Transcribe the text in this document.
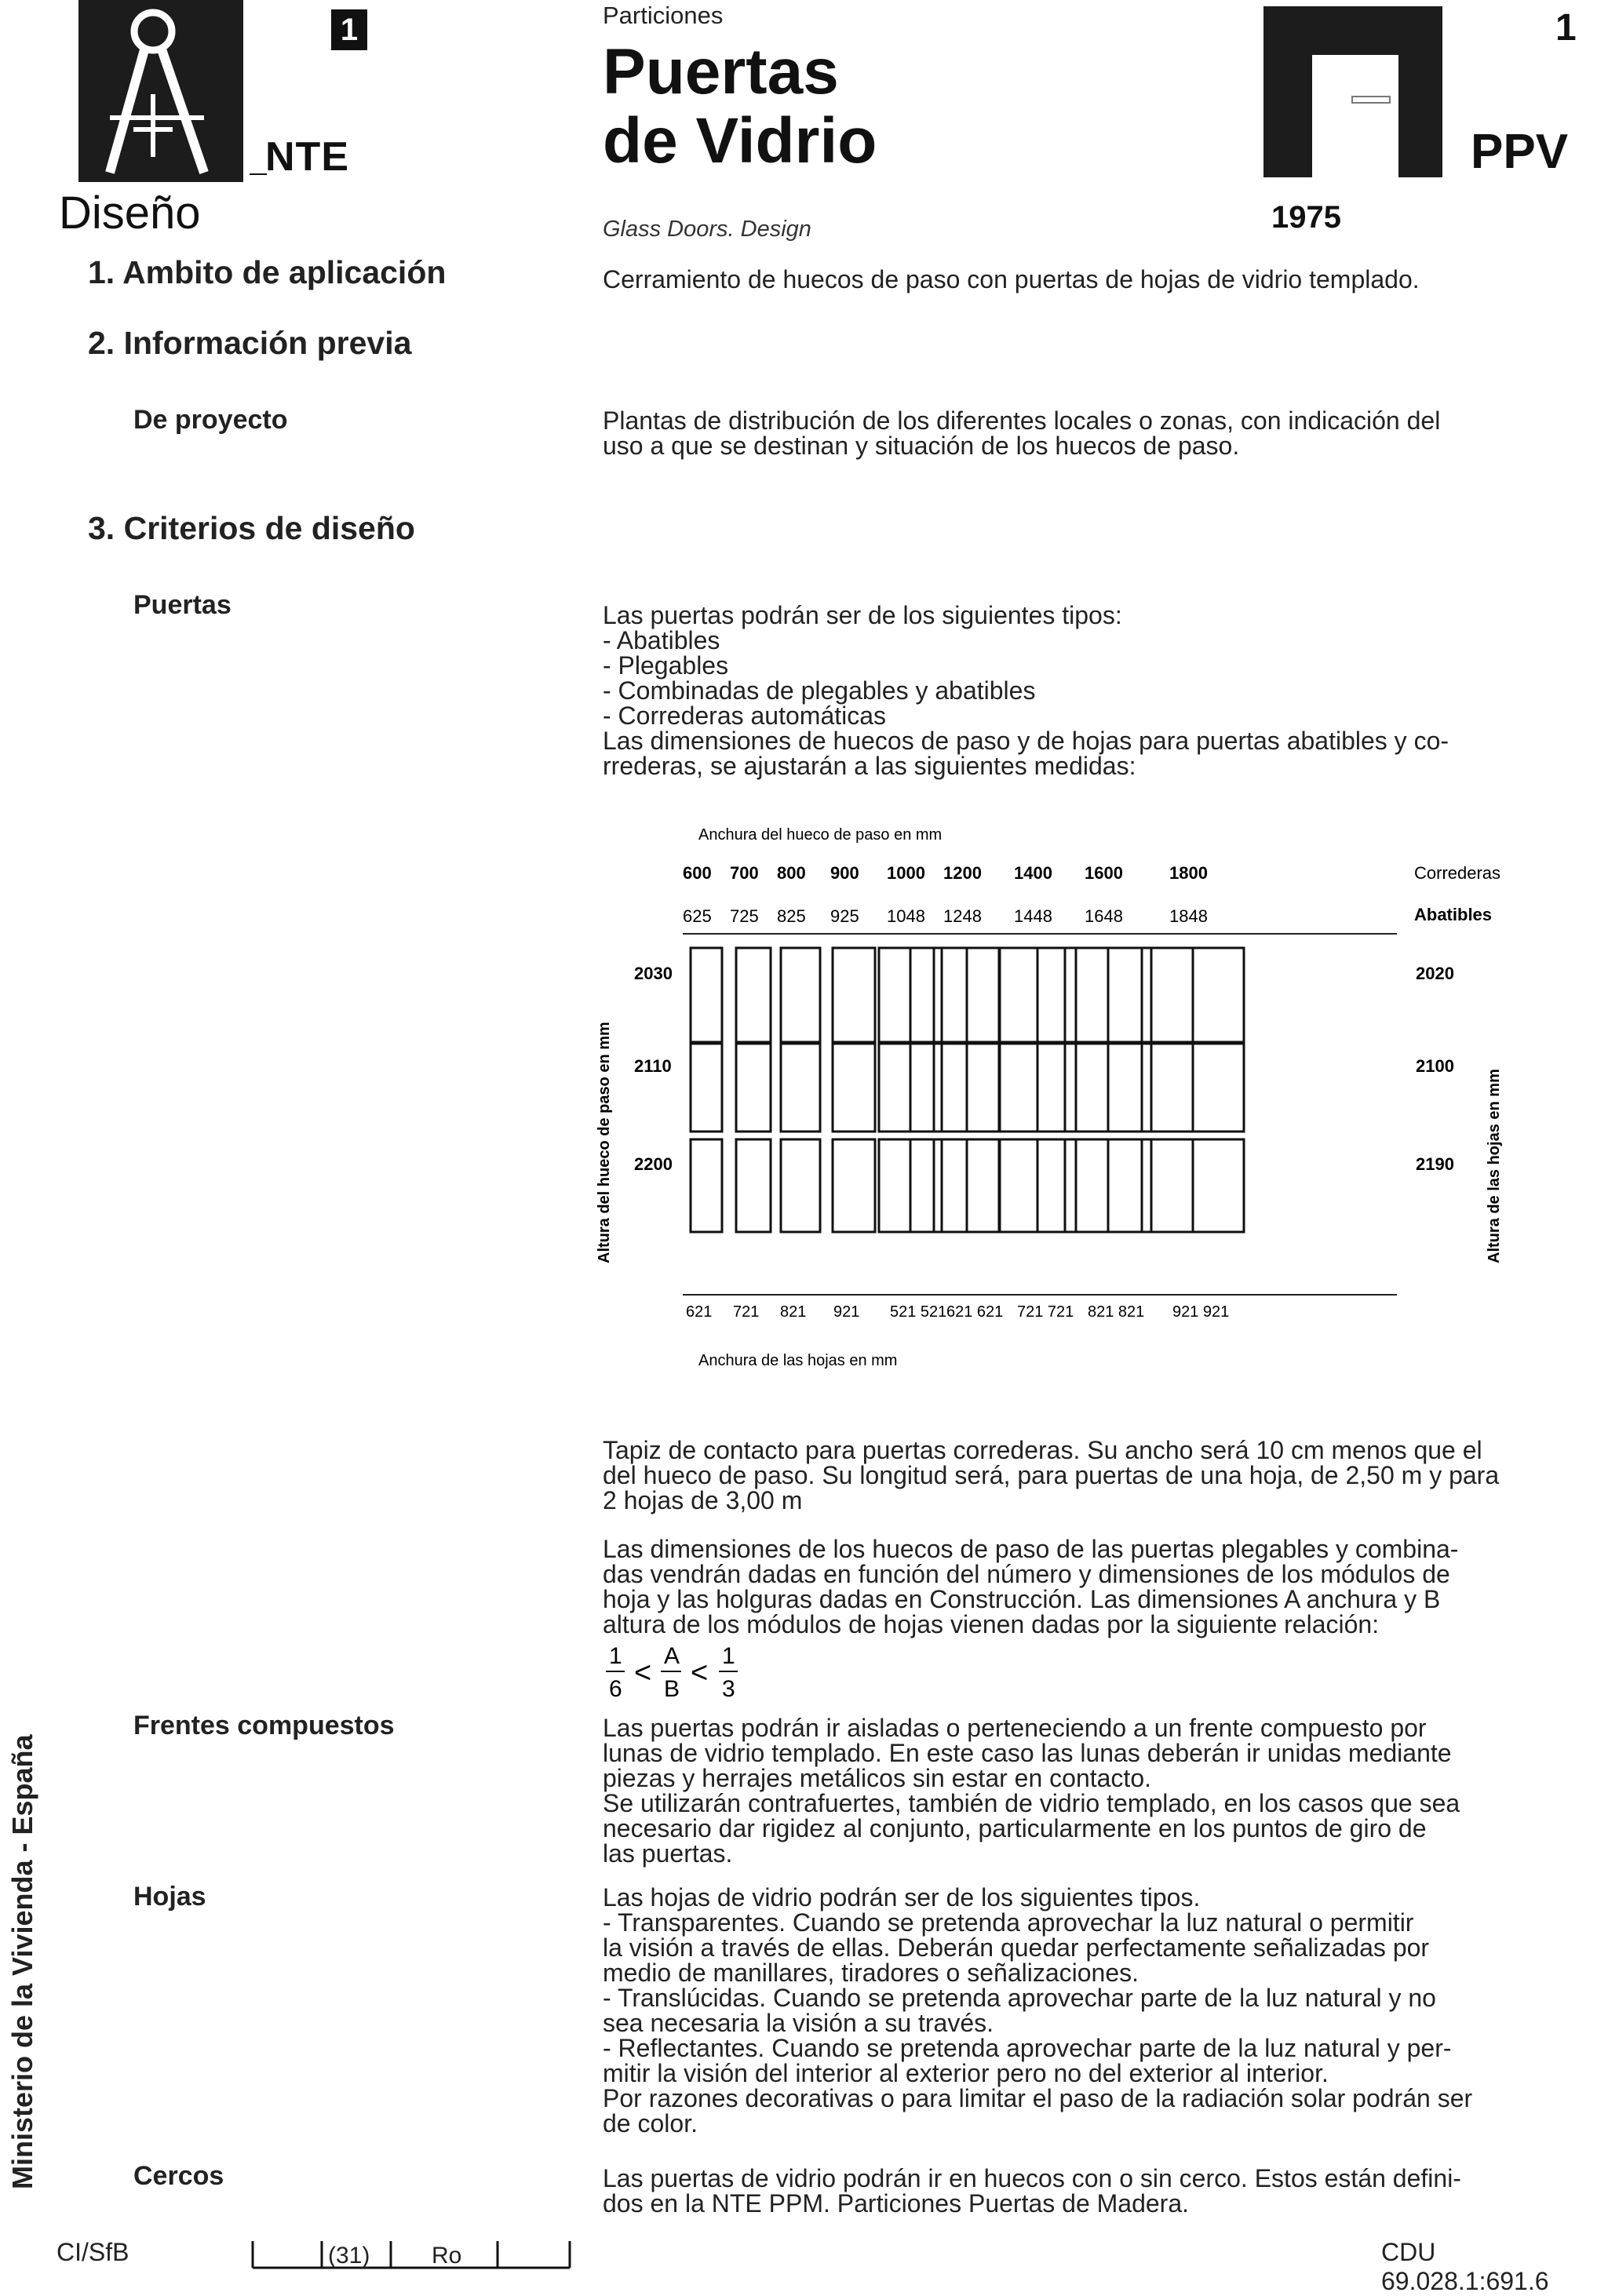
1
NTE
Diseño
Particiones
Puertas
de Vidrio
Glass Doors. Design
1
PPV
1975
1. Ambito de aplicación	Cerramiento de huecos de paso con puertas de hojas de vidrio templado.
2. Información previa
De proyecto	Plantas de distribución de los diferentes locales o zonas, con indicación del
uso a que se destinan y situación de los huecos de paso.
3. Criterios de diseño
Puertas	Las puertas podrán ser de los siguientes tipos:
- Abatibles
- Plegables
- Combinadas de plegables y abatibles
- Correderas automáticas
Las dimensiones de huecos de paso y de hojas para puertas abatibles y co-
rrederas, se ajustarán a las siguientes medidas:
Anchura del hueco de paso en mm
600 700 800 900 1000 1200 1400 1600	1800	Correderas
625 725 825 925 1048 1248 1448 1648	1848	Abatibles
2030
2110
2200
2020
2100
2190
621 721 821 921 521 521 621 621 721 721 821 821 921 921
Anchura de las hojas en mm
Altura del hueco de paso en mm	Altura de las hojas en mm
Tapiz de contacto para puertas correderas. Su ancho será 10 cm menos que el
del hueco de paso. Su longitud será, para puertas de una hoja, de 2,50 m y para
2 hojas de 3,00 m
Las dimensiones de los huecos de paso de las puertas plegables y combina-
das vendrán dadas en función del número y dimensiones de los módulos de
hoja y las holguras dadas en Construcción. Las dimensiones A anchura y B
altura de los módulos de hojas vienen dadas por la siguiente relación:
1
6 <
A
B <
1
3
Frentes compuestos	Las puertas podrán ir aisladas o perteneciendo a un frente compuesto por
lunas de vidrio templado. En este caso las lunas deberán ir unidas mediante
piezas y herrajes metálicos sin estar en contacto.
Se utilizarán contrafuertes, también de vidrio templado, en los casos que sea
necesario dar rigidez al conjunto, particularmente en los puntos de giro de
las puertas.
Hojas	Las hojas de vidrio podrán ser de los siguientes tipos.
- Transparentes. Cuando se pretenda aprovechar la luz natural o permitir
la visión a través de ellas. Deberán quedar perfectamente señalizadas por
medio de manillares, tiradores o señalizaciones.
- Translúcidas. Cuando se pretenda aprovechar parte de la luz natural y no
sea necesaria la visión a su través.
- Reflectantes. Cuando se pretenda aprovechar parte de la luz natural y per-
mitir la visión del interior al exterior pero no del exterior al interior.
Por razones decorativas o para limitar el paso de la radiación solar podrán ser
de color.
Cercos	Las puertas de vidrio podrán ir en huecos con o sin cerco. Estos están defini-
dos en la NTE PPM. Particiones Puertas de Madera.
Ministerio de la Vivienda - España
CI/SfB	(31)	Ro	CDU 69.028.1:691.6
